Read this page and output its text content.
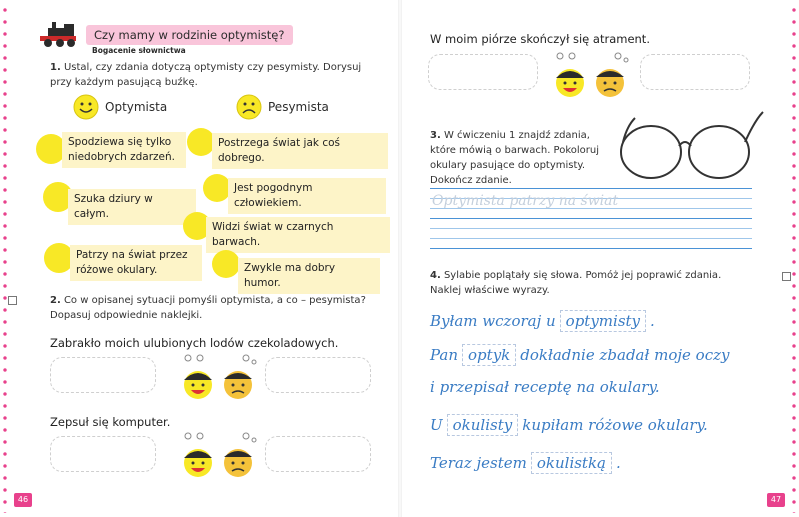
Czy mamy w rodzinie optymistę?
Bogacenie słownictwa
1. Ustal, czy zdania dotyczą optymisty czy pesymisty. Dorysuj przy każdym pasującą buźkę.
Optymista	Pesymista
Spodziewa się tylko niedobrych zdarzeń.
Postrzega świat jak coś dobrego.
Szuka dziury w całym.
Jest pogodnym człowiekiem.
Widzi świat w czarnych barwach.
Patrzy na świat przez różowe okulary.	Zwykle ma dobry humor.
2. Co w opisanej sytuacji pomyśli optymista, a co – pesymista? Dopasuj odpowiednie naklejki.
Zabrakło moich ulubionych lodów czekoladowych.
Zepsuł się komputer.
46	47
W moim piórze skończył się atrament.
3. W ćwiczeniu 1 znajdź zdania, które mówią o barwach. Pokoloruj okulary pasujące do optymisty. Dokończ zdanie.
Optymista patrzy na świat
4. Sylabie poplątały się słowa. Pomóż jej poprawić zdania. Naklej właściwe wyrazy.
Byłam wczoraj u optymisty .
Pan optyk dokładnie zbadał moje oczy
i przepisał receptę na okulary.
U okulisty kupiłam różowe okulary.
Teraz jestem okulistką .
